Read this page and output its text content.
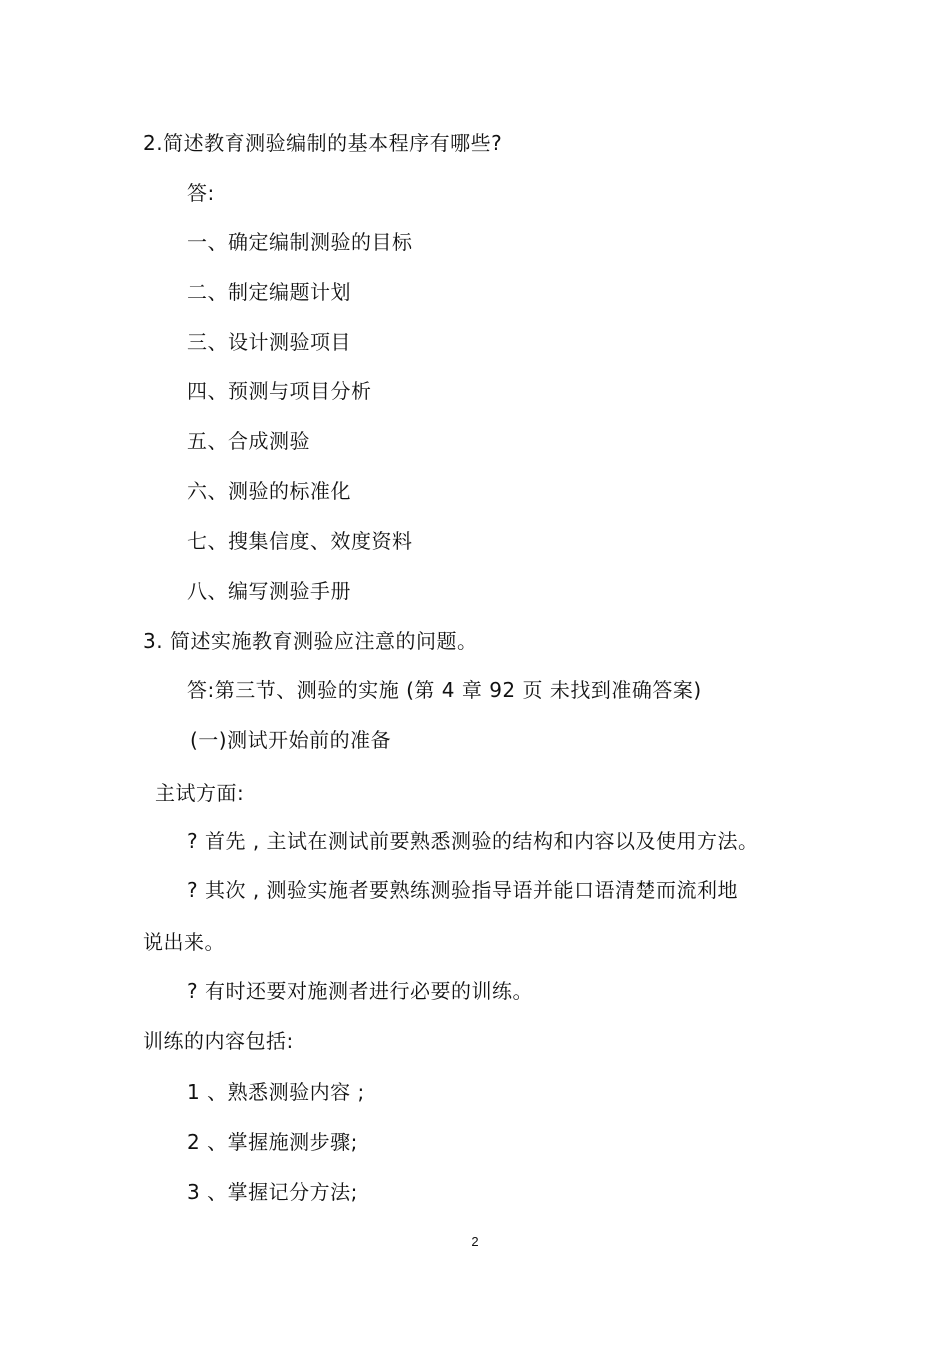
2.简述教育测验编制的基本程序有哪些?
答:
一、确定编制测验的目标
二、制定编题计划
三、设计测验项目
四、预测与项目分析
五、合成测验
六、测验的标准化
七、搜集信度、效度资料
八、编写测验手册
3. 简述实施教育测验应注意的问题。
答:第三节、测验的实施 (第 4 章 92 页 未找到准确答案)
(一)测试开始前的准备
主试方面:
? 首先 , 主试在测试前要熟悉测验的结构和内容以及使用方法。
? 其次 , 测验实施者要熟练测验指导语并能口语清楚而流利地
说出来。
? 有时还要对施测者进行必要的训练。
训练的内容包括:
1 、熟悉测验内容 ;
2 、掌握施测步骤;
3 、掌握记分方法;
2
